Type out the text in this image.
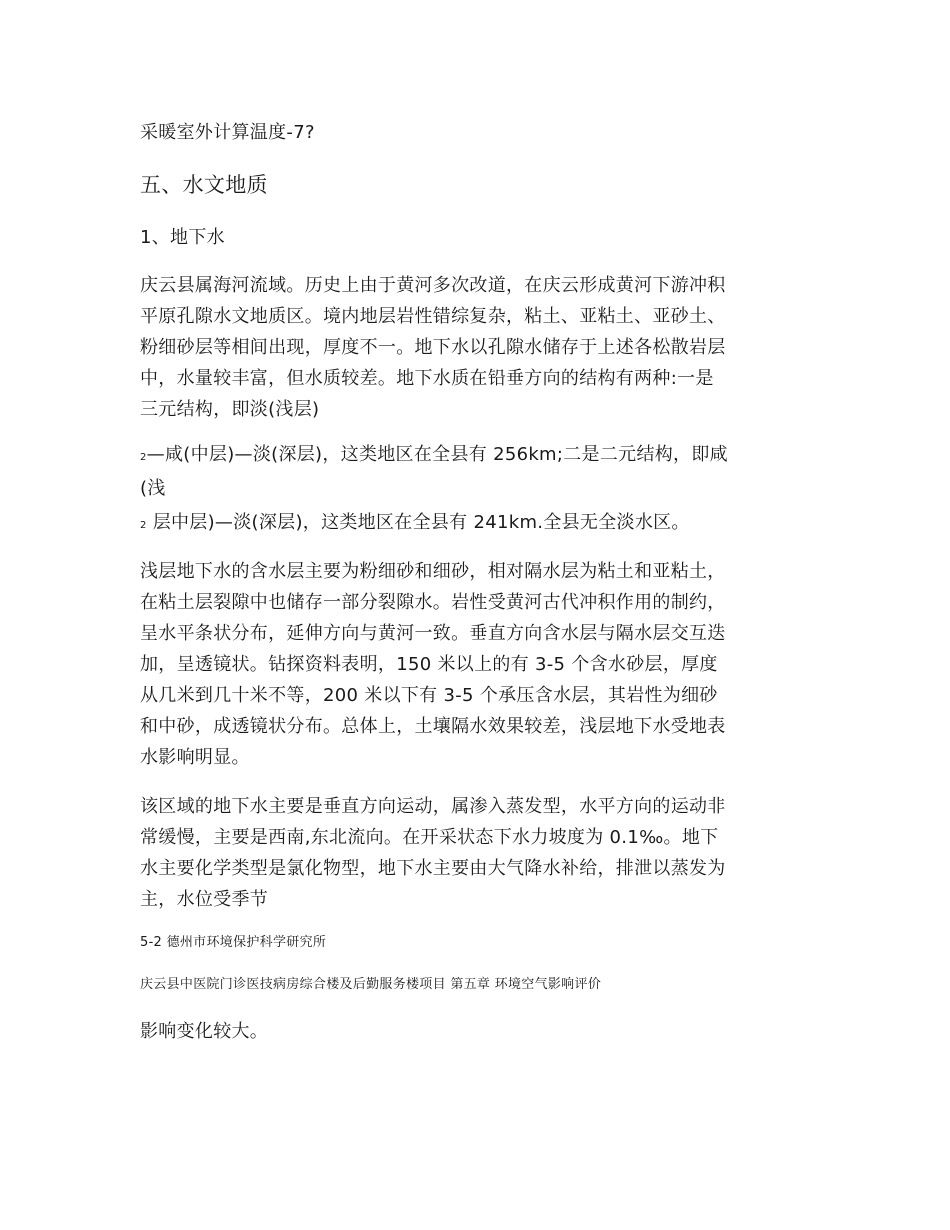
采暖室外计算温度-7?

五、水文地质

1、地下水

庆云县属海河流域。历史上由于黄河多次改道，在庆云形成黄河下游冲积
平原孔隙水文地质区。境内地层岩性错综复杂，粘土、亚粘土、亚砂土、
粉细砂层等相间出现，厚度不一。地下水以孔隙水储存于上述各松散岩层
中，水量较丰富，但水质较差。地下水质在铅垂方向的结构有两种:一是
三元结构，即淡(浅层)

2—咸(中层)—淡(深层)，这类地区在全县有 256km;二是二元结构，即咸
(浅

2 层中层)—淡(深层)，这类地区在全县有 241km.全县无全淡水区。

浅层地下水的含水层主要为粉细砂和细砂，相对隔水层为粘土和亚粘土，
在粘土层裂隙中也储存一部分裂隙水。岩性受黄河古代冲积作用的制约，
呈水平条状分布，延伸方向与黄河一致。垂直方向含水层与隔水层交互迭
加，呈透镜状。钻探资料表明，150 米以上的有 3-5 个含水砂层，厚度
从几米到几十米不等，200 米以下有 3-5 个承压含水层，其岩性为细砂
和中砂，成透镜状分布。总体上，土壤隔水效果较差，浅层地下水受地表
水影响明显。

该区域的地下水主要是垂直方向运动，属渗入蒸发型，水平方向的运动非
常缓慢，主要是西南,东北流向。在开采状态下水力坡度为 0.1‰。地下
水主要化学类型是氯化物型，地下水主要由大气降水补给，排泄以蒸发为
主，水位受季节

5-2 德州市环境保护科学研究所
庆云县中医院门诊医技病房综合楼及后勤服务楼项目 第五章 环境空气影响评价

影响变化较大。
